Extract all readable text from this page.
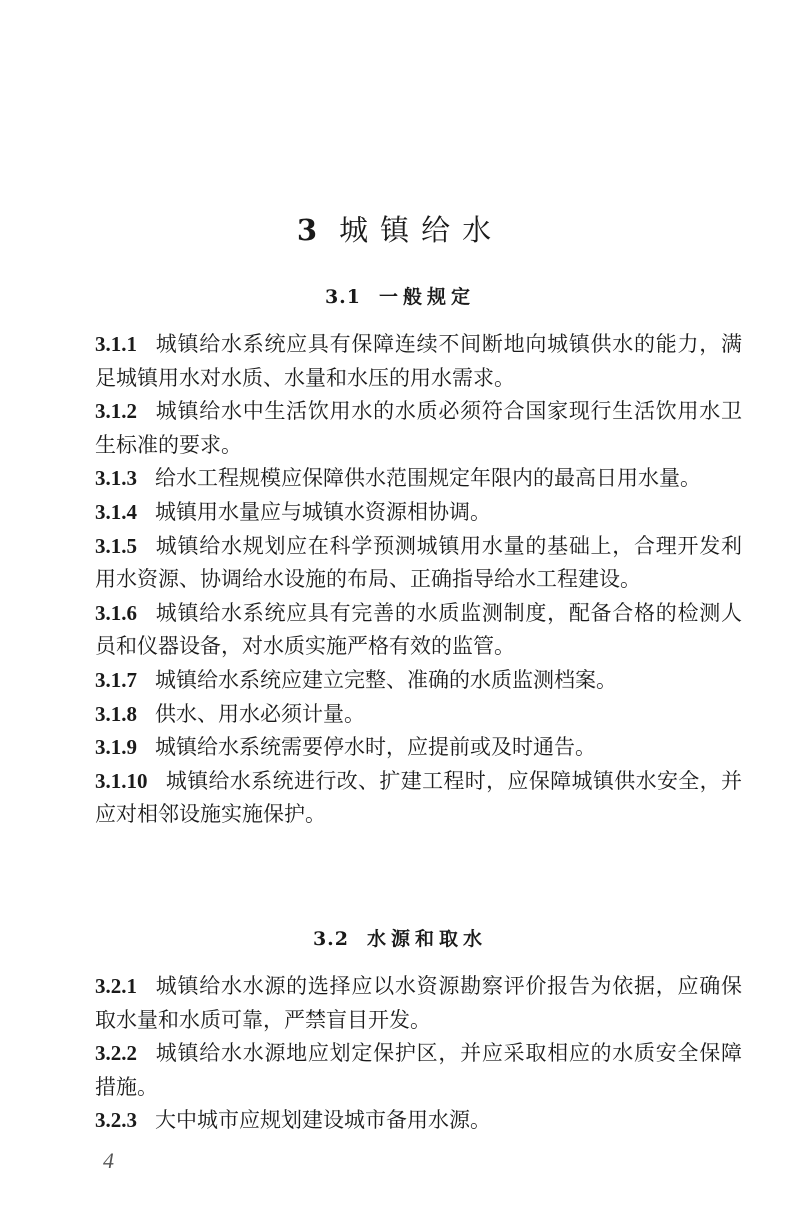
3 城镇给水
3.1 一般规定

3.1.1 城镇给水系统应具有保障连续不间断地向城镇供水的能力，满足城镇用水对水质、水量和水压的用水需求。

3.1.2 城镇给水中生活饮用水的水质必须符合国家现行生活饮用水卫生标准的要求。

3.1.3 给水工程规模应保障供水范围规定年限内的最高日用水量。

3.1.4 城镇用水量应与城镇水资源相协调。

3.1.5 城镇给水规划应在科学预测城镇用水量的基础上，合理开发利用水资源、协调给水设施的布局、正确指导给水工程建设。

3.1.6 城镇给水系统应具有完善的水质监测制度，配备合格的检测人员和仪器设备，对水质实施严格有效的监管。

3.1.7 城镇给水系统应建立完整、准确的水质监测档案。

3.1.8 供水、用水必须计量。

3.1.9 城镇给水系统需要停水时，应提前或及时通告。

3.1.10 城镇给水系统进行改、扩建工程时，应保障城镇供水安全，并应对相邻设施实施保护。

3.2 水源和取水

3.2.1 城镇给水水源的选择应以水资源勘察评价报告为依据，应确保取水量和水质可靠，严禁盲目开发。

3.2.2 城镇给水水源地应划定保护区，并应采取相应的水质安全保障措施。

3.2.3 大中城市应规划建设城市备用水源。

4
